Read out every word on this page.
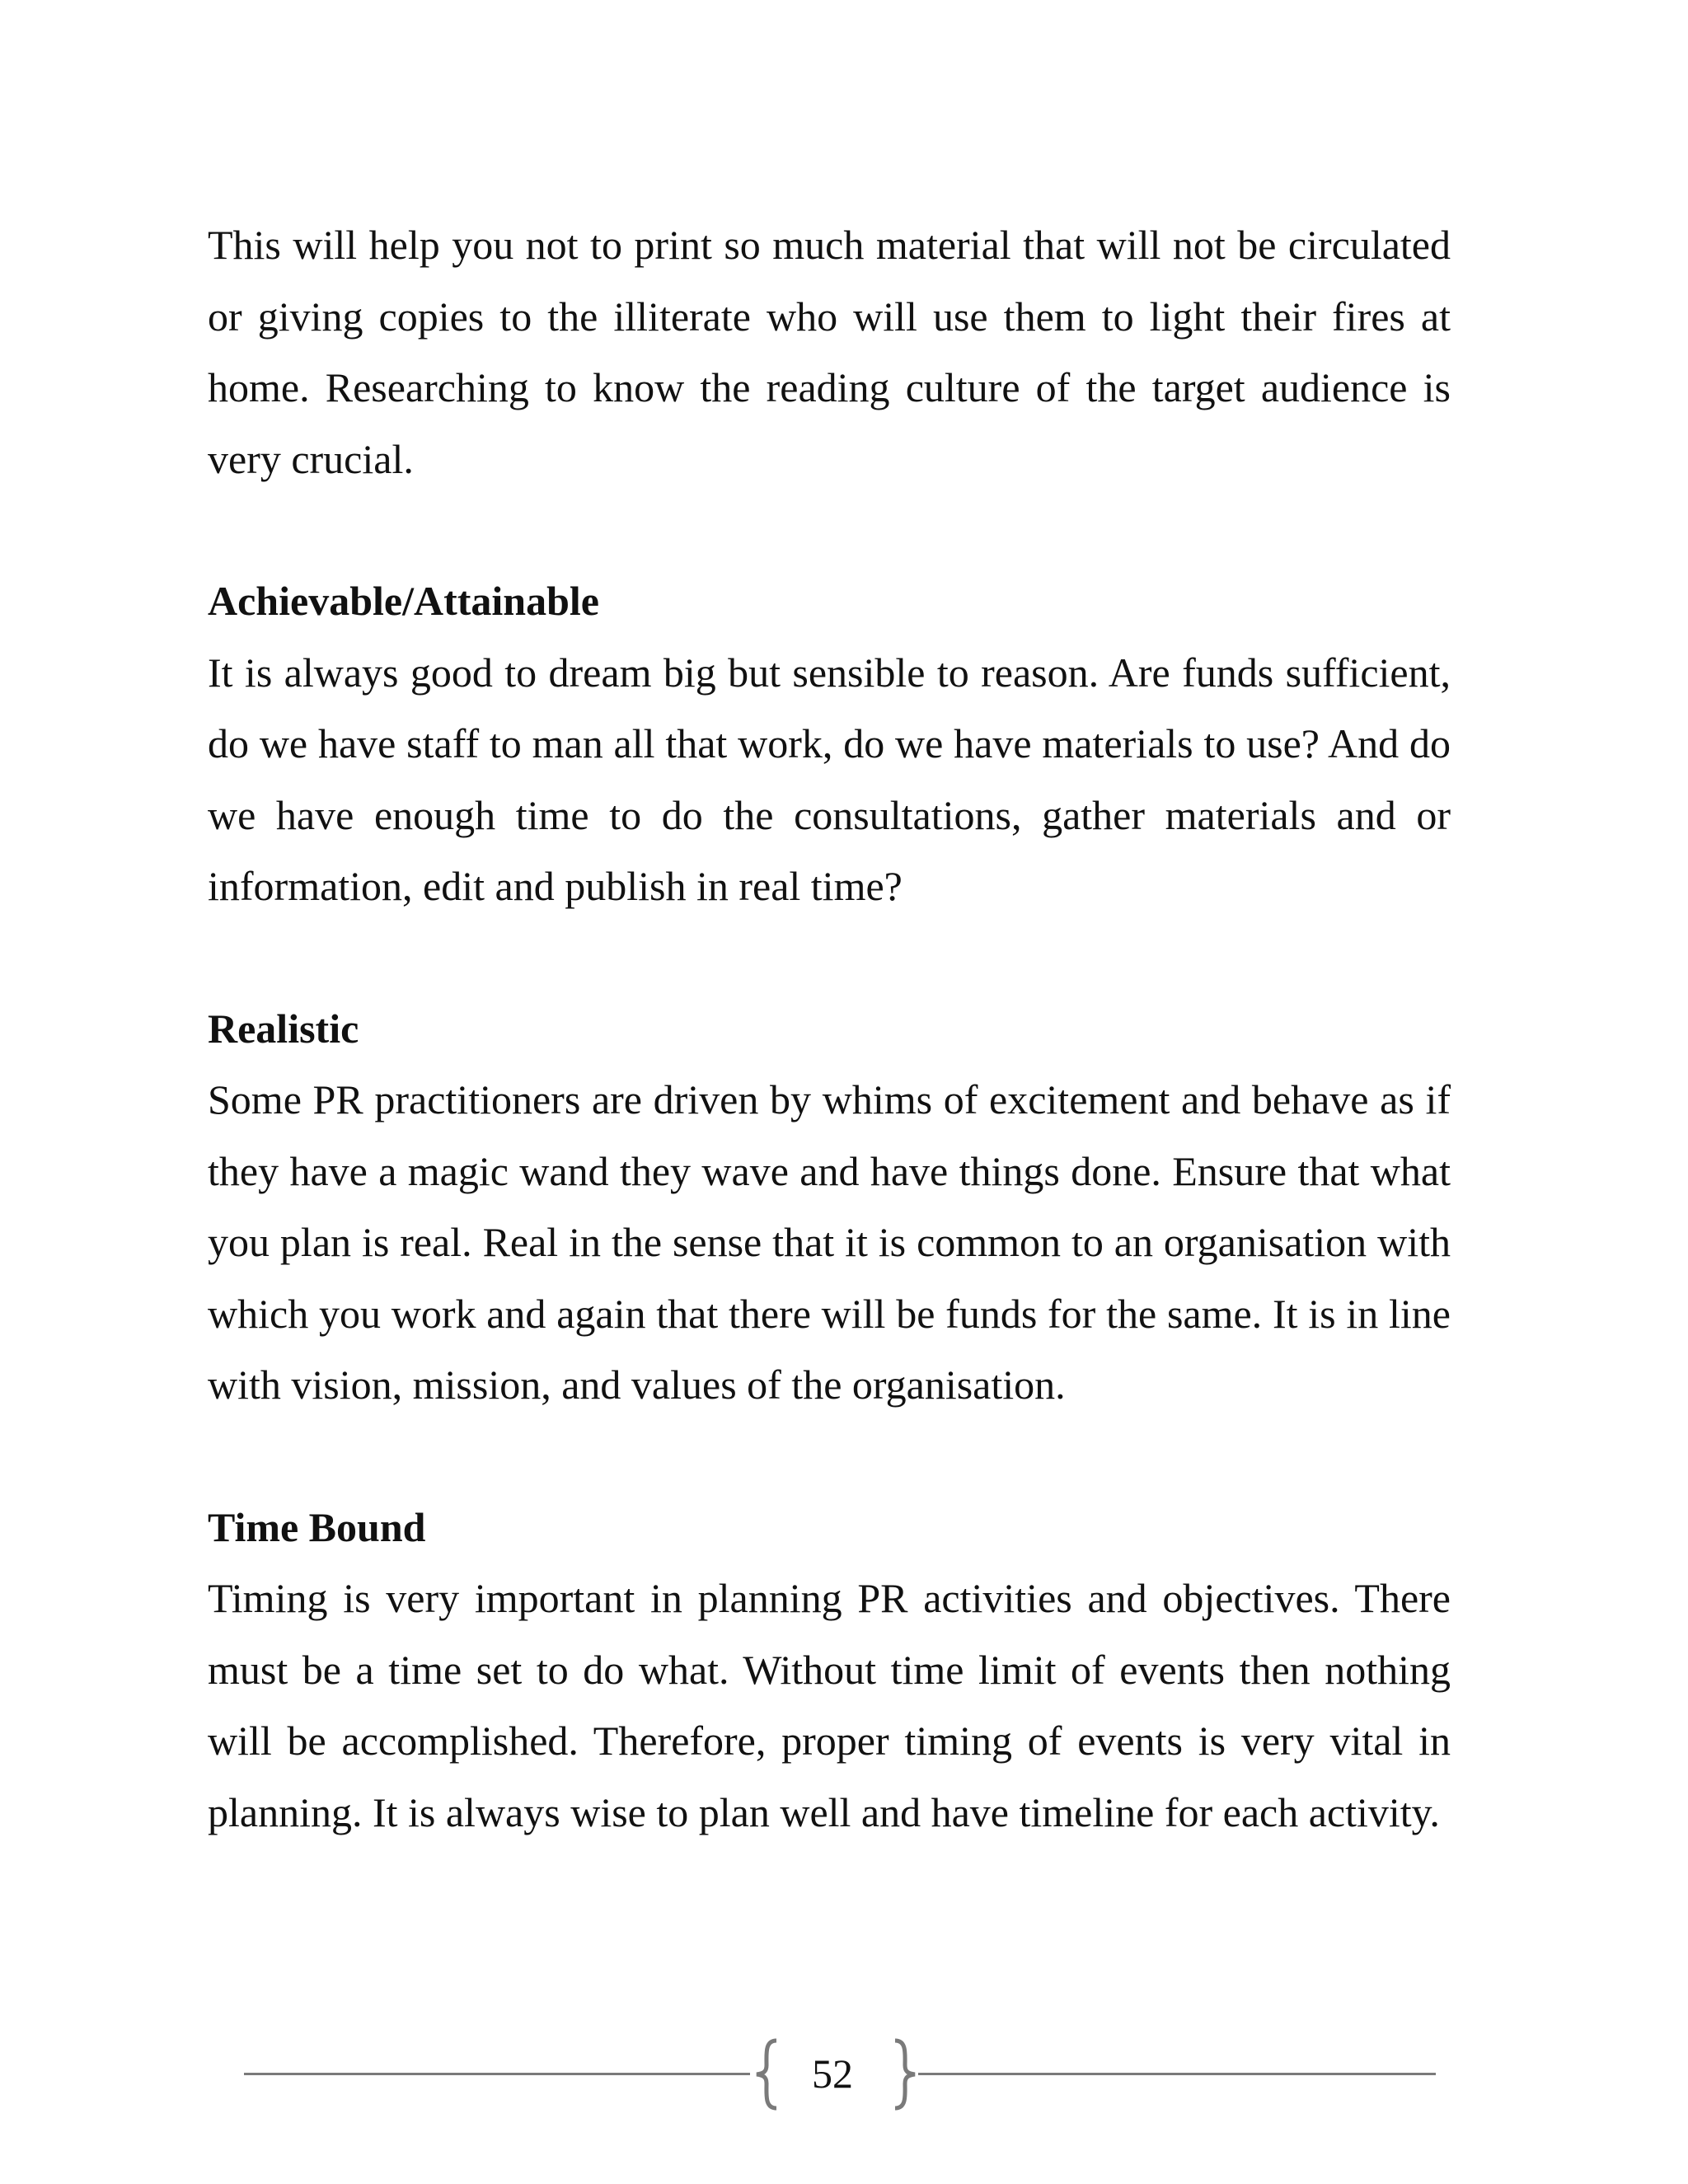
This will help you not to print so much material that will not be circulated or giving copies to the illiterate who will use them to light their fires at home. Researching to know the reading culture of the target audience is very crucial.

Achievable/Attainable

It is always good to dream big but sensible to reason. Are funds sufficient, do we have staff to man all that work, do we have materials to use? And do we have enough time to do the consultations, gather materials and or information, edit and publish in real time?

Realistic

Some PR practitioners are driven by whims of excitement and behave as if they have a magic wand they wave and have things done. Ensure that what you plan is real. Real in the sense that it is common to an organisation with which you work and again that there will be funds for the same. It is in line with vision, mission, and values of the organisation.

Time Bound

Timing is very important in planning PR activities and objectives. There must be a time set to do what. Without time limit of events then nothing will be accomplished. Therefore, proper timing of events is very vital in planning. It is always wise to plan well and have timeline for each activity.

52
